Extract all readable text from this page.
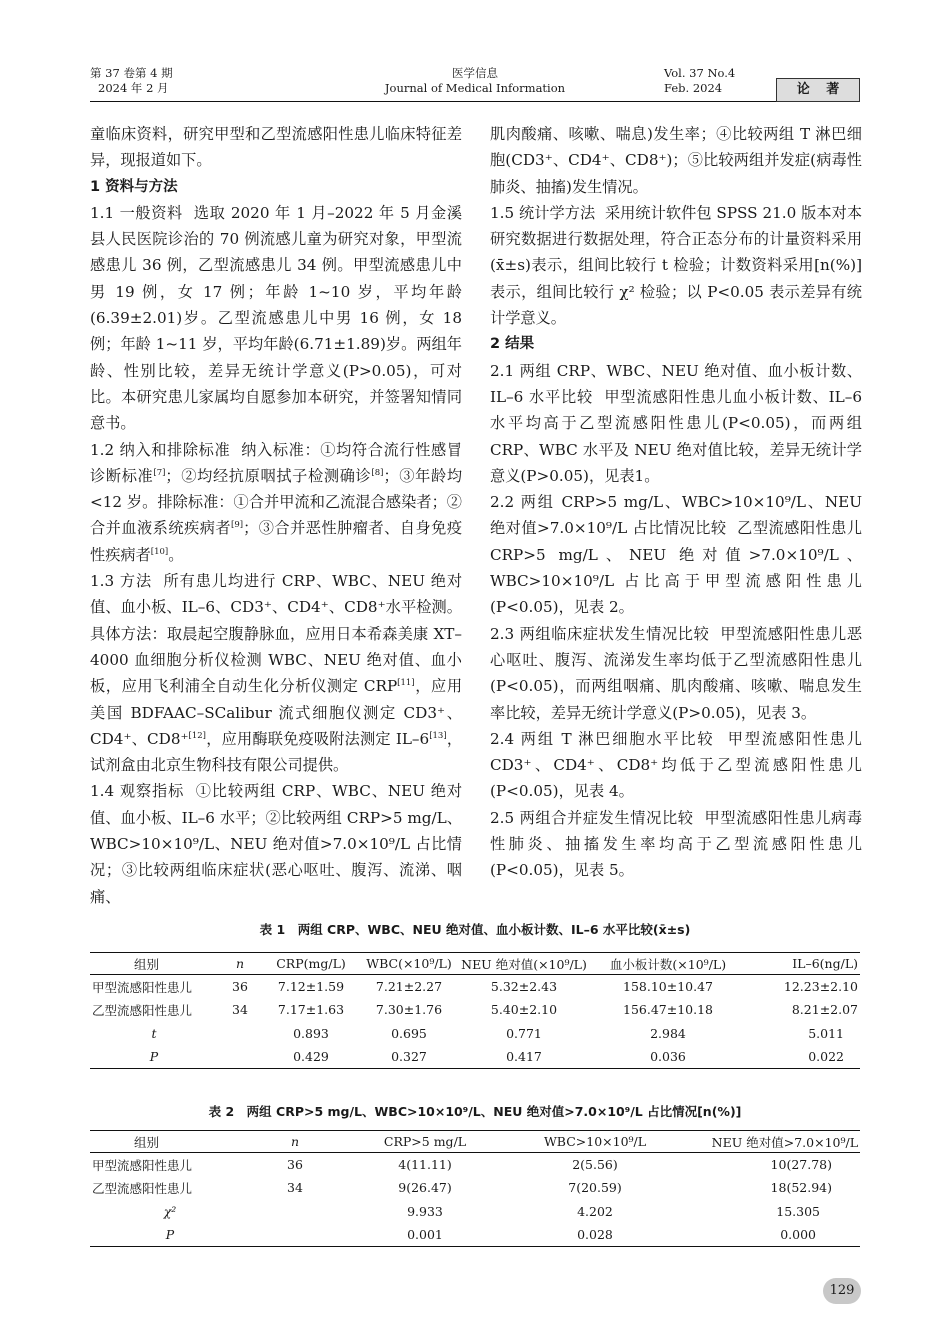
第 37 卷第 4 期
2024 年 2 月
医学信息
Journal of Medical Information
Vol. 37 No.4
Feb. 2024	论 著

童临床资料，研究甲型和乙型流感阳性患儿临床特征差异，现报道如下。

1 资料与方法

1.1 一般资料 选取 2020 年 1 月–2022 年 5 月金溪县人民医院诊治的 70 例流感儿童为研究对象，甲型流感患儿 36 例，乙型流感患儿 34 例。甲型流感患儿中男 19 例，女 17 例；年龄 1~10 岁，平均年龄(6.39±2.01)岁。乙型流感患儿中男 16 例，女 18 例；年龄 1~11 岁，平均年龄(6.71±1.89)岁。两组年龄、性别比较，差异无统计学意义(P>0.05)，可对比。本研究患儿家属均自愿参加本研究，并签署知情同意书。

1.2 纳入和排除标准 纳入标准：①均符合流行性感冒诊断标准[7]；②均经抗原咽拭子检测确诊[8]；③年龄均<12 岁。排除标准：①合并甲流和乙流混合感染者；②合并血液系统疾病者[9]；③合并恶性肿瘤者、自身免疫性疾病者[10]。

1.3 方法 所有患儿均进行 CRP、WBC、NEU 绝对值、血小板、IL–6、CD3⁺、CD4⁺、CD8⁺水平检测。具体方法：取晨起空腹静脉血，应用日本希森美康 XT–4000 血细胞分析仪检测 WBC、NEU 绝对值、血小板，应用飞利浦全自动生化分析仪测定 CRP[11]，应用美国 BDFAAC–SCalibur 流式细胞仪测定 CD3⁺、CD4⁺、CD8⁺[12]，应用酶联免疫吸附法测定 IL–6[13]，试剂盒由北京生物科技有限公司提供。

1.4 观察指标 ①比较两组 CRP、WBC、NEU 绝对值、血小板、IL–6 水平；②比较两组 CRP>5 mg/L、WBC>10×10⁹/L、NEU 绝对值>7.0×10⁹/L 占比情况；③比较两组临床症状(恶心呕吐、腹泻、流涕、咽痛、

肌肉酸痛、咳嗽、喘息)发生率；④比较两组 T 淋巴细胞(CD3⁺、CD4⁺、CD8⁺)；⑤比较两组并发症(病毒性肺炎、抽搐)发生情况。

1.5 统计学方法 采用统计软件包 SPSS 21.0 版本对本研究数据进行数据处理，符合正态分布的计量资料采用(x̄±s)表示，组间比较行 t 检验；计数资料采用[n(%)]表示，组间比较行 χ² 检验；以 P<0.05 表示差异有统计学意义。

2 结果

2.1 两组 CRP、WBC、NEU 绝对值、血小板计数、IL–6 水平比较 甲型流感阳性患儿血小板计数、IL–6 水平均高于乙型流感阳性患儿(P<0.05)，而两组 CRP、WBC 水平及 NEU 绝对值比较，差异无统计学意义(P>0.05)，见表1。

2.2 两组 CRP>5 mg/L、WBC>10×10⁹/L、NEU 绝对值>7.0×10⁹/L 占比情况比较 乙型流感阳性患儿 CRP>5 mg/L、NEU 绝对值>7.0×10⁹/L、WBC>10×10⁹/L 占比高于甲型流感阳性患儿(P<0.05)，见表 2。

2.3 两组临床症状发生情况比较 甲型流感阳性患儿恶心呕吐、腹泻、流涕发生率均低于乙型流感阳性患儿(P<0.05)，而两组咽痛、肌肉酸痛、咳嗽、喘息发生率比较，差异无统计学意义(P>0.05)，见表 3。

2.4 两组 T 淋巴细胞水平比较 甲型流感阳性患儿 CD3⁺、CD4⁺、CD8⁺均低于乙型流感阳性患儿 (P<0.05)，见表 4。

2.5 两组合并症发生情况比较 甲型流感阳性患儿病毒性肺炎、抽搐发生率均高于乙型流感阳性患儿(P<0.05)，见表 5。

表 1　两组 CRP、WBC、NEU 绝对值、血小板计数、IL–6 水平比较(x̄±s)
组别	n	CRP(mg/L)	WBC(×10⁹/L)	NEU 绝对值(×10⁹/L)	血小板计数(×10⁹/L)	IL–6(ng/L)
甲型流感阳性患儿	36	7.12±1.59	7.21±2.27	5.32±2.43	158.10±10.47	12.23±2.10
乙型流感阳性患儿	34	7.17±1.63	7.30±1.76	5.40±2.10	156.47±10.18	8.21±2.07
t		0.893	0.695	0.771	2.984	5.011
P		0.429	0.327	0.417	0.036	0.022
表 2　两组 CRP>5 mg/L、WBC>10×10⁹/L、NEU 绝对值>7.0×10⁹/L 占比情况[n(%)]
组别	n	CRP>5 mg/L	WBC>10×10⁹/L	NEU 绝对值>7.0×10⁹/L
甲型流感阳性患儿	36	4(11.11)	2(5.56)	10(27.78)
乙型流感阳性患儿	34	9(26.47)	7(20.59)	18(52.94)
χ²		9.933	4.202	15.305
P		0.001	0.028	0.000
129
